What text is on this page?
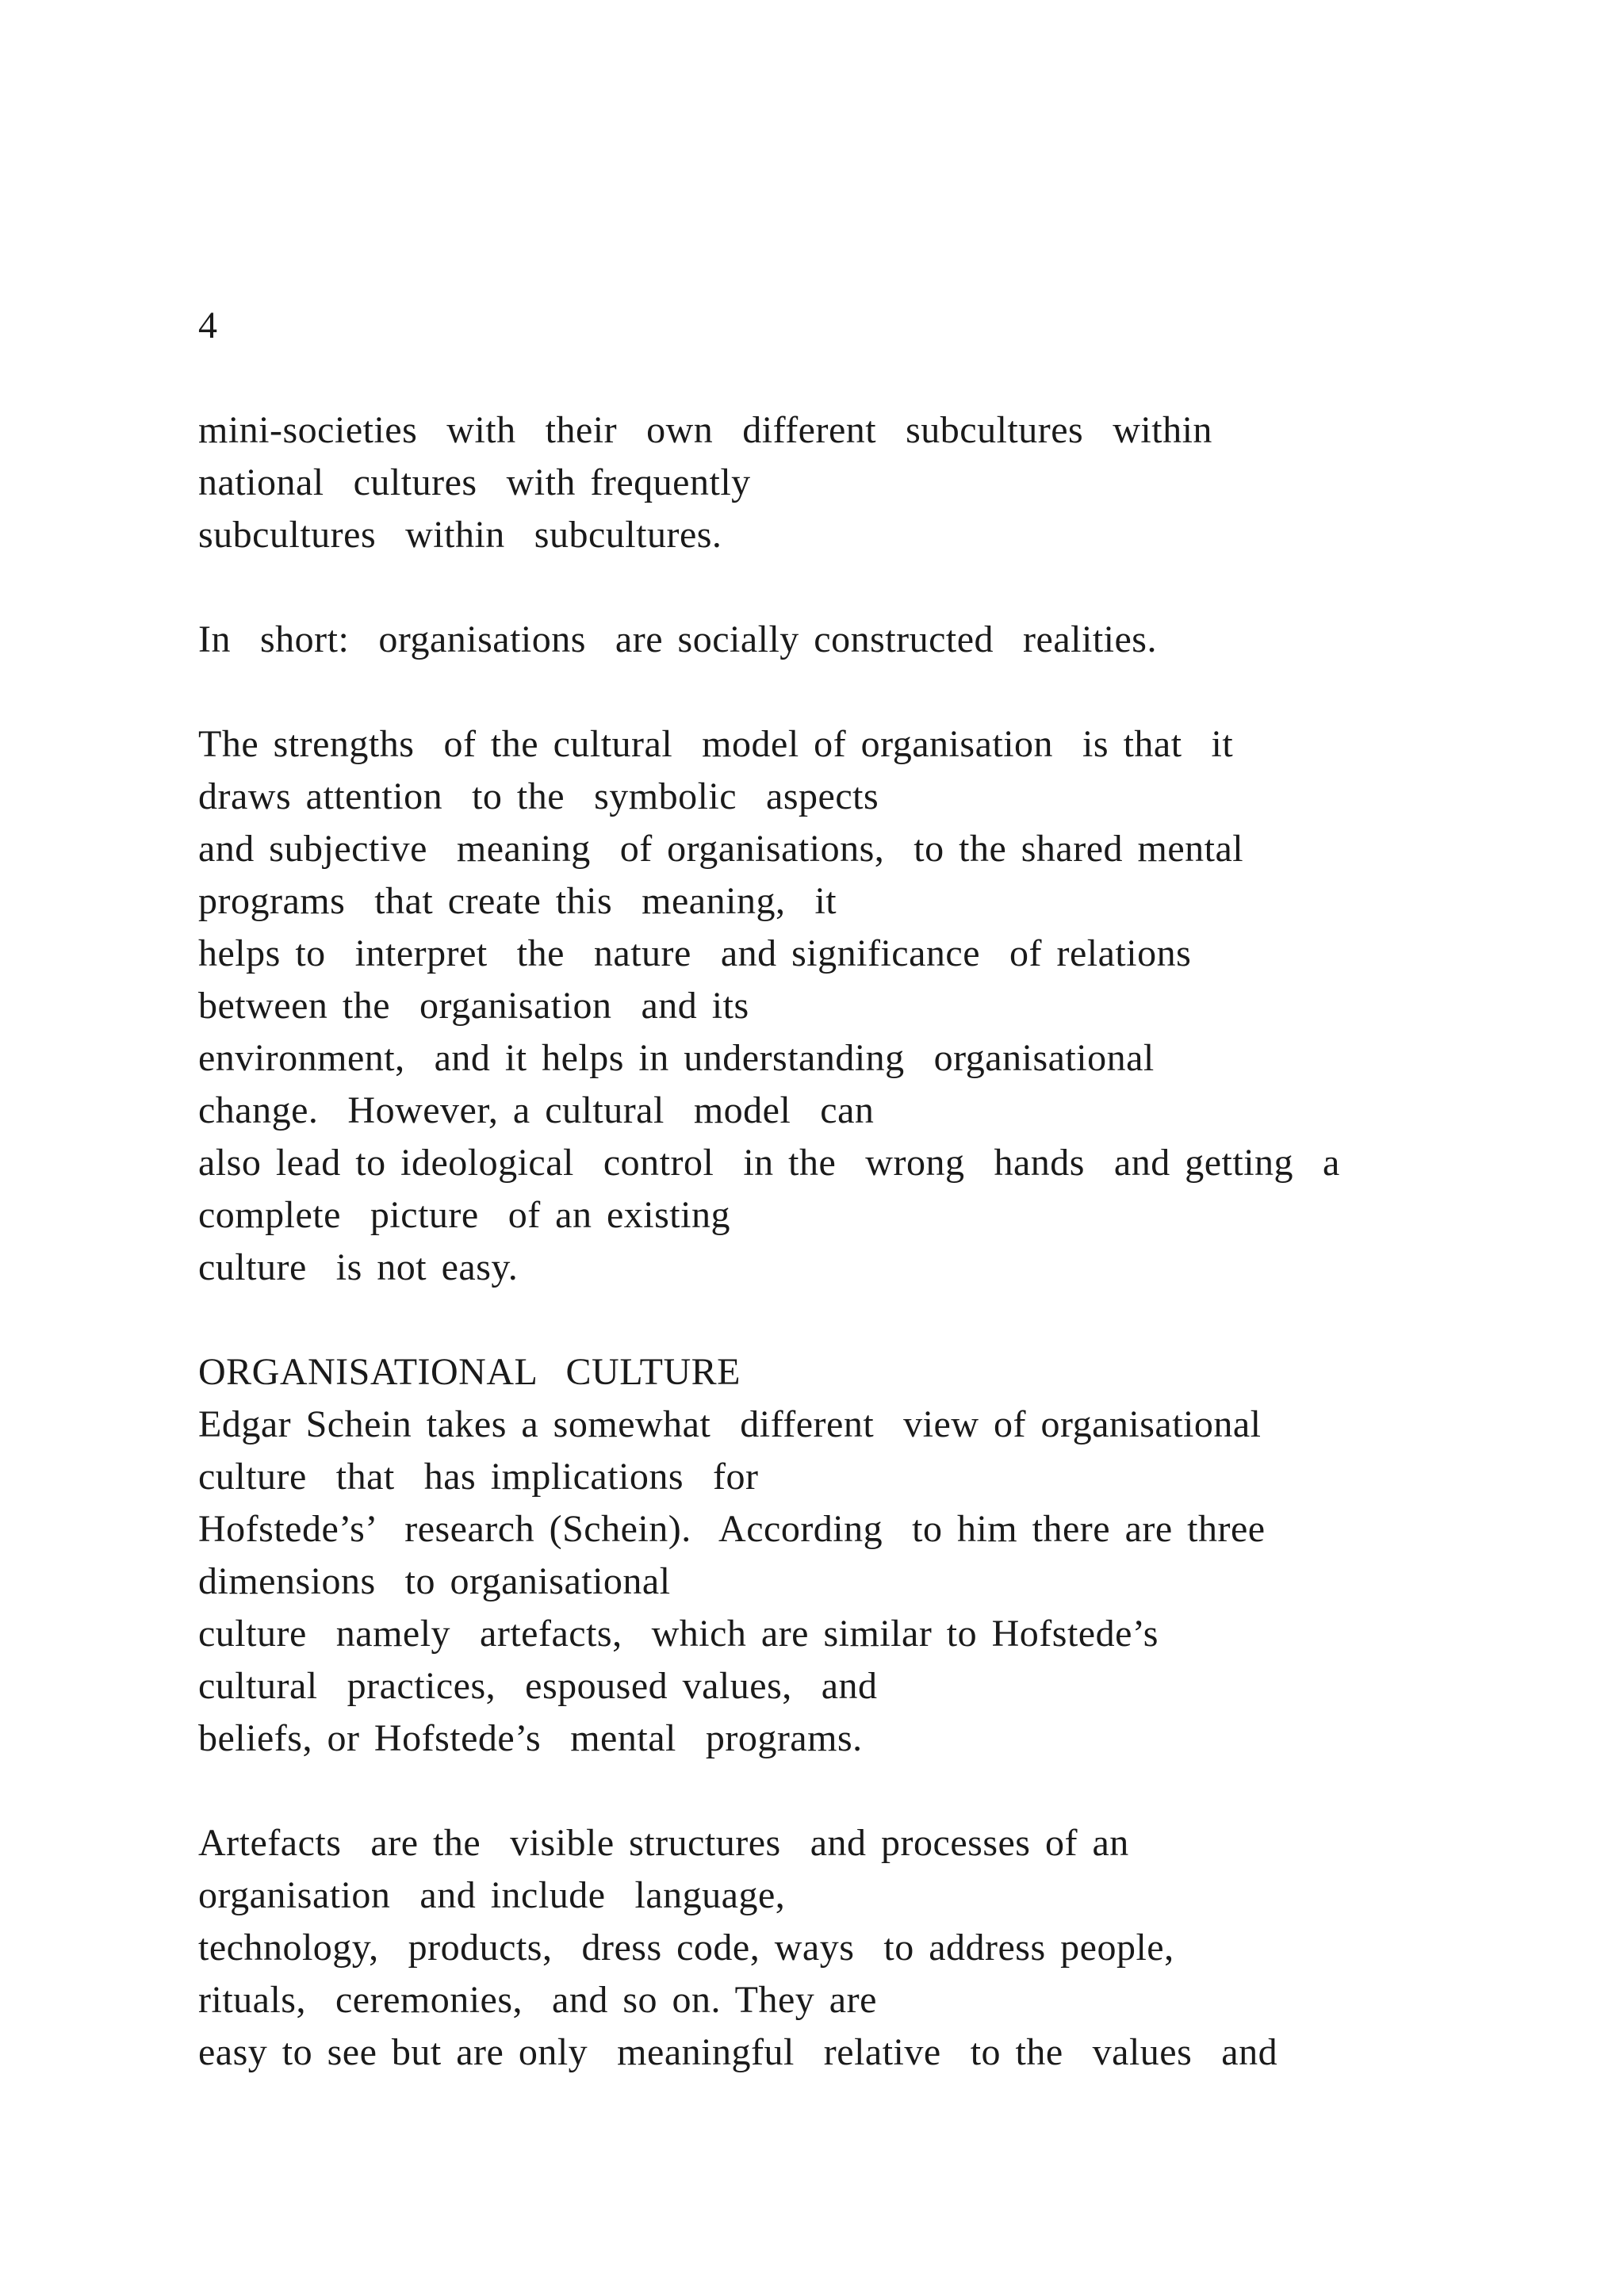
4
mini-societies  with  their  own  different  subcultures  within
national  cultures  with frequently
subcultures  within  subcultures.
In  short:  organisations  are socially constructed  realities.
The strengths  of the cultural  model of organisation  is that  it
draws attention  to the  symbolic  aspects
and subjective  meaning  of organisations,  to the shared mental
programs  that create this  meaning,  it
helps to  interpret  the  nature  and significance  of relations
between the  organisation  and its
environment,  and it helps in understanding  organisational
change.  However, a cultural  model  can
also lead to ideological  control  in the  wrong  hands  and getting  a
complete  picture  of an existing
culture  is not easy.
ORGANISATIONAL  CULTURE
Edgar Schein takes a somewhat  different  view of organisational
culture  that  has implications  for
Hofstede’s’  research (Schein).  According  to him there are three
dimensions  to organisational
culture  namely  artefacts,  which are similar to Hofstede’s
cultural  practices,  espoused values,  and
beliefs, or Hofstede’s  mental  programs.
Artefacts  are the  visible structures  and processes of an
organisation  and include  language,
technology,  products,  dress code, ways  to address people,
rituals,  ceremonies,  and so on. They are
easy to see but are only  meaningful  relative  to the  values  and
